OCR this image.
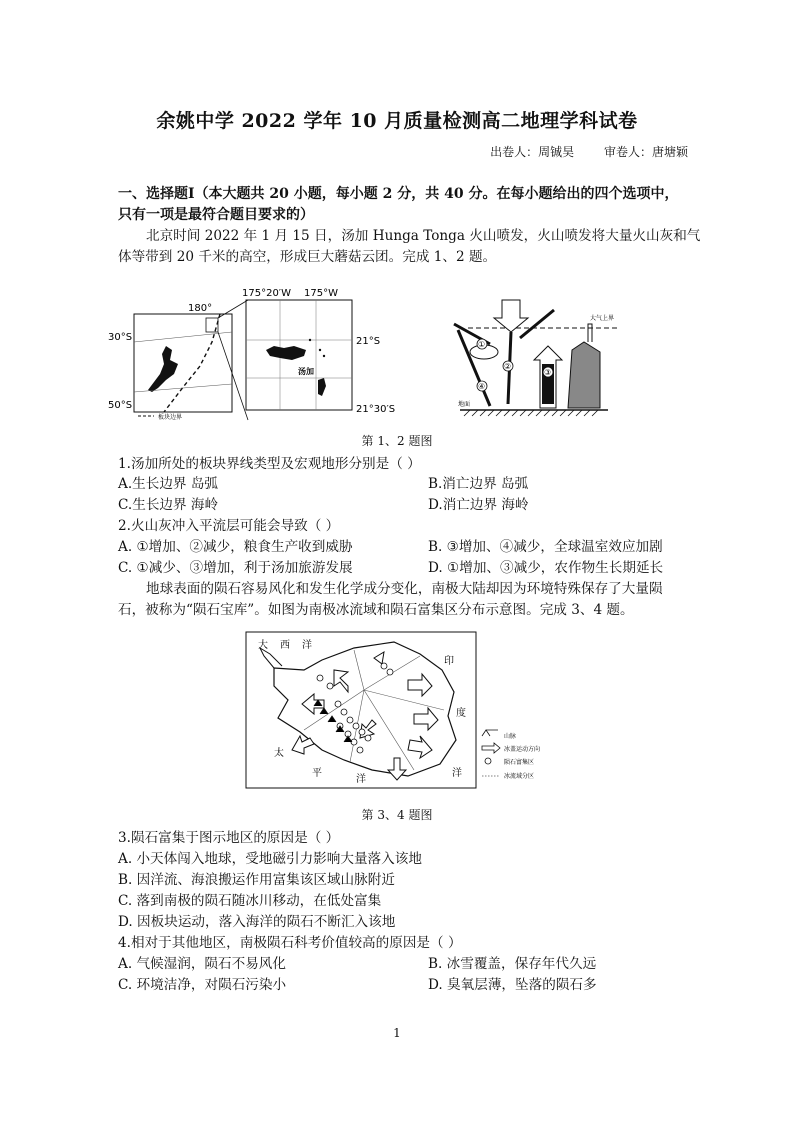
余姚中学 2022 学年 10 月质量检测高二地理学科试卷
出卷人：周铖昊 审卷人：唐塘颖
一、选择题Ⅰ（本大题共 20 小题，每小题 2 分，共 40 分。在每小题给出的四个选项中，
只有一项是最符合题目要求的）
北京时间 2022 年 1 月 15 日，汤加 Hunga Tonga 火山喷发，火山喷发将大量火山灰和气
体等带到 20 千米的高空，形成巨大蘑菇云团。完成 1、2 题。
180°
30°S
50°S
板块边界
175°20′W 175°W
21°S
21°30′S
汤加
大气上界
地面
①
②
③
④
第 1、2 题图
1.汤加所处的板块界线类型及宏观地形分别是（ ）
A.生长边界 岛弧	B.消亡边界 岛弧
C.生长边界 海岭	D.消亡边界 海岭
2.火山灰冲入平流层可能会导致（ ）
A. ①增加、②减少，粮食生产收到威胁	B. ③增加、④减少，全球温室效应加剧
C. ①减少、③增加，利于汤加旅游发展	D. ①增加、③减少，农作物生长期延长
地球表面的陨石容易风化和发生化学成分变化，南极大陆却因为环境特殊保存了大量陨
石，被称为“陨石宝库”。如图为南极冰流域和陨石富集区分布示意图。完成 3、4 题。
大 西 洋
印
度
洋
太
平
洋
山脉
冰盖运动方向
陨石富集区
冰流域分区
第 3、4 题图
3.陨石富集于图示地区的原因是（ ）
A. 小天体闯入地球，受地磁引力影响大量落入该地
B. 因洋流、海浪搬运作用富集该区域山脉附近
C. 落到南极的陨石随冰川移动，在低处富集
D. 因板块运动，落入海洋的陨石不断汇入该地
4.相对于其他地区，南极陨石科考价值较高的原因是（ ）
A. 气候湿润，陨石不易风化	B. 冰雪覆盖，保存年代久远
C. 环境洁净，对陨石污染小	D. 臭氧层薄，坠落的陨石多
1
